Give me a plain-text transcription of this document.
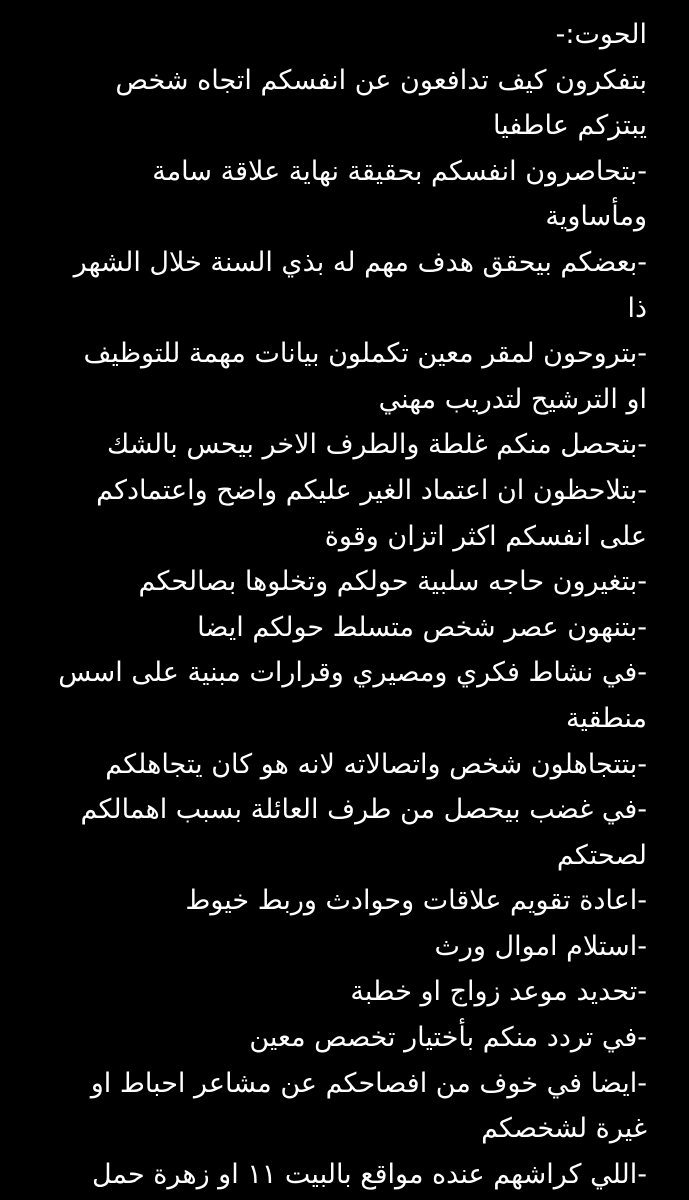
الحوت:-
بتفكرون كيف تدافعون عن انفسكم اتجاه شخص
يبتزكم عاطفيا
-بتحاصرون انفسكم بحقيقة نهاية علاقة سامة
ومأساوية
-بعضكم بيحقق هدف مهم له بذي السنة خلال الشهر
ذا
-بتروحون لمقر معين تكملون بيانات مهمة للتوظيف
او الترشيح لتدريب مهني
-بتحصل منكم غلطة والطرف الاخر بيحس بالشك
-بتلاحظون ان اعتماد الغير عليكم واضح واعتمادكم
على انفسكم اكثر اتزان وقوة
-بتغيرون حاجه سلبية حولكم وتخلوها بصالحكم
-بتنهون عصر شخص متسلط حولكم ايضا
-في نشاط فكري ومصيري وقرارات مبنية على اسس
منطقية
-بتتجاهلون شخص واتصالاته لانه هو كان يتجاهلكم
-في غضب بيحصل من طرف العائلة بسبب اهمالكم
لصحتكم
-اعادة تقويم علاقات وحوادث وربط خيوط
-استلام اموال ورث
-تحديد موعد زواج او خطبة
-في تردد منكم بأختيار تخصص معين
-ايضا في خوف من افصاحكم عن مشاعر احباط او
غيرة لشخصكم
-اللي كراشهم عنده مواقع بالبيت ١١ او زهرة حمل
